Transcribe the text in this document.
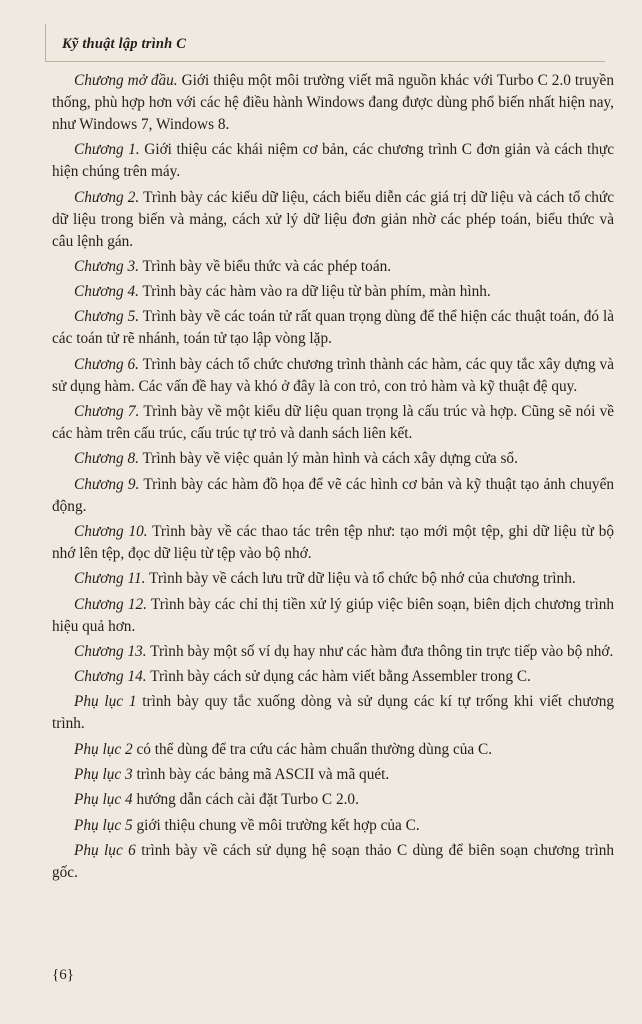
Kỹ thuật lập trình C

Chương mở đầu. Giới thiệu một môi trường viết mã nguồn khác với Turbo C 2.0 truyền thống, phù hợp hơn với các hệ điều hành Windows đang được dùng phổ biến nhất hiện nay, như Windows 7, Windows 8.

Chương 1. Giới thiệu các khái niệm cơ bản, các chương trình C đơn giản và cách thực hiện chúng trên máy.

Chương 2. Trình bày các kiểu dữ liệu, cách biểu diễn các giá trị dữ liệu và cách tổ chức dữ liệu trong biến và mảng, cách xử lý dữ liệu đơn giản nhờ các phép toán, biểu thức và câu lệnh gán.

Chương 3. Trình bày về biểu thức và các phép toán.

Chương 4. Trình bày các hàm vào ra dữ liệu từ bàn phím, màn hình.

Chương 5. Trình bày về các toán tử rất quan trọng dùng để thể hiện các thuật toán, đó là các toán tử rẽ nhánh, toán tử tạo lập vòng lặp.

Chương 6. Trình bày cách tổ chức chương trình thành các hàm, các quy tắc xây dựng và sử dụng hàm. Các vấn đề hay và khó ở đây là con trỏ, con trỏ hàm và kỹ thuật đệ quy.

Chương 7. Trình bày về một kiểu dữ liệu quan trọng là cấu trúc và hợp. Cũng sẽ nói về các hàm trên cấu trúc, cấu trúc tự trỏ và danh sách liên kết.

Chương 8. Trình bày về việc quản lý màn hình và cách xây dựng cửa sổ.

Chương 9. Trình bày các hàm đồ họa để vẽ các hình cơ bản và kỹ thuật tạo ảnh chuyển động.

Chương 10. Trình bày về các thao tác trên tệp như: tạo mới một tệp, ghi dữ liệu từ bộ nhớ lên tệp, đọc dữ liệu từ tệp vào bộ nhớ.

Chương 11. Trình bày về cách lưu trữ dữ liệu và tổ chức bộ nhớ của chương trình.

Chương 12. Trình bày các chỉ thị tiền xử lý giúp việc biên soạn, biên dịch chương trình hiệu quả hơn.

Chương 13. Trình bày một số ví dụ hay như các hàm đưa thông tin trực tiếp vào bộ nhớ.

Chương 14. Trình bày cách sử dụng các hàm viết bằng Assembler trong C.

Phụ lục 1 trình bày quy tắc xuống dòng và sử dụng các kí tự trống khi viết chương trình.

Phụ lục 2 có thể dùng để tra cứu các hàm chuẩn thường dùng của C.

Phụ lục 3 trình bày các bảng mã ASCII và mã quét.

Phụ lục 4 hướng dẫn cách cài đặt Turbo C 2.0.

Phụ lục 5 giới thiệu chung về môi trường kết hợp của C.

Phụ lục 6 trình bày về cách sử dụng hệ soạn thảo C dùng để biên soạn chương trình gốc.

{6}
